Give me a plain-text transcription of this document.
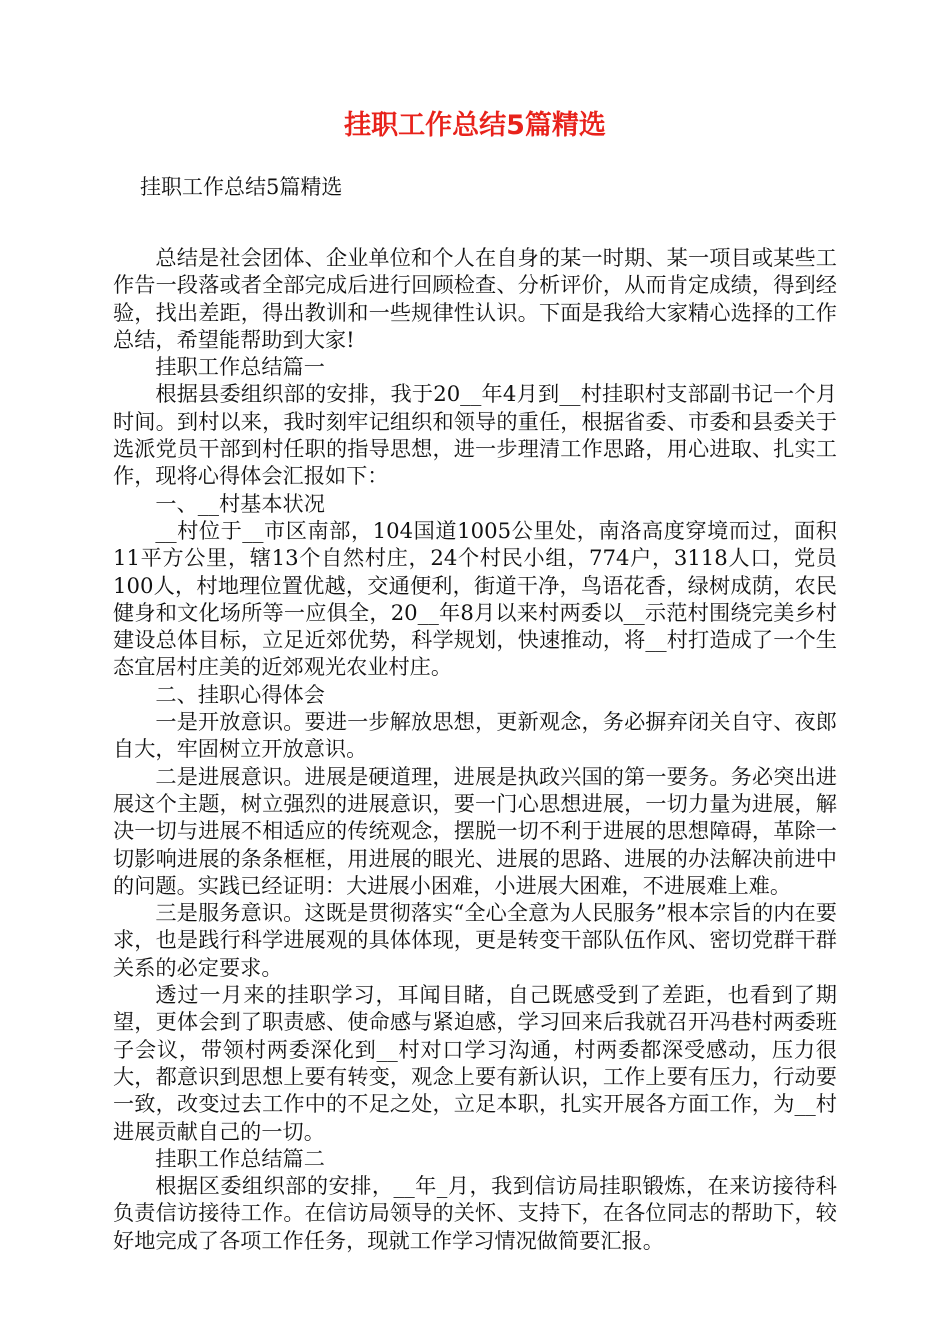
挂职工作总结5篇精选

挂职工作总结5篇精选

总结是社会团体、企业单位和个人在自身的某一时期、某一项目或某些工作告一段落或者全部完成后进行回顾检查、分析评价，从而肯定成绩，得到经验，找出差距，得出教训和一些规律性认识。下面是我给大家精心选择的工作总结，希望能帮助到大家!

挂职工作总结篇一

根据县委组织部的安排，我于20__年4月到__村挂职村支部副书记一个月时间。到村以来，我时刻牢记组织和领导的重任，根据省委、市委和县委关于选派党员干部到村任职的指导思想，进一步理清工作思路，用心进取、扎实工作，现将心得体会汇报如下：

一、__村基本状况

__村位于__市区南部，104国道1005公里处，南洛高度穿境而过，面积11平方公里，辖13个自然村庄，24个村民小组，774户，3118人口，党员100人，村地理位置优越，交通便利，街道干净，鸟语花香，绿树成荫，农民健身和文化场所等一应俱全，20__年8月以来村两委以__示范村围绕完美乡村建设总体目标，立足近郊优势，科学规划，快速推动，将__村打造成了一个生态宜居村庄美的近郊观光农业村庄。

二、挂职心得体会

一是开放意识。要进一步解放思想，更新观念，务必摒弃闭关自守、夜郎自大，牢固树立开放意识。

二是进展意识。进展是硬道理，进展是执政兴国的第一要务。务必突出进展这个主题，树立强烈的进展意识，要一门心思想进展，一切力量为进展，解决一切与进展不相适应的传统观念，摆脱一切不利于进展的思想障碍，革除一切影响进展的条条框框，用进展的眼光、进展的思路、进展的办法解决前进中的问题。实践已经证明：大进展小困难，小进展大困难，不进展难上难。

三是服务意识。这既是贯彻落实“全心全意为人民服务”根本宗旨的内在要求，也是践行科学进展观的具体体现，更是转变干部队伍作风、密切党群干群关系的必定要求。

透过一月来的挂职学习，耳闻目睹，自己既感受到了差距，也看到了期望，更体会到了职责感、使命感与紧迫感，学习回来后我就召开冯巷村两委班子会议，带领村两委深化到__村对口学习沟通，村两委都深受感动，压力很大，都意识到思想上要有转变，观念上要有新认识，工作上要有压力，行动要一致，改变过去工作中的不足之处，立足本职，扎实开展各方面工作，为__村进展贡献自己的一切。

挂职工作总结篇二

根据区委组织部的安排，__年_月，我到信访局挂职锻炼，在来访接待科负责信访接待工作。在信访局领导的关怀、支持下，在各位同志的帮助下，较好地完成了各项工作任务，现就工作学习情况做简要汇报。
